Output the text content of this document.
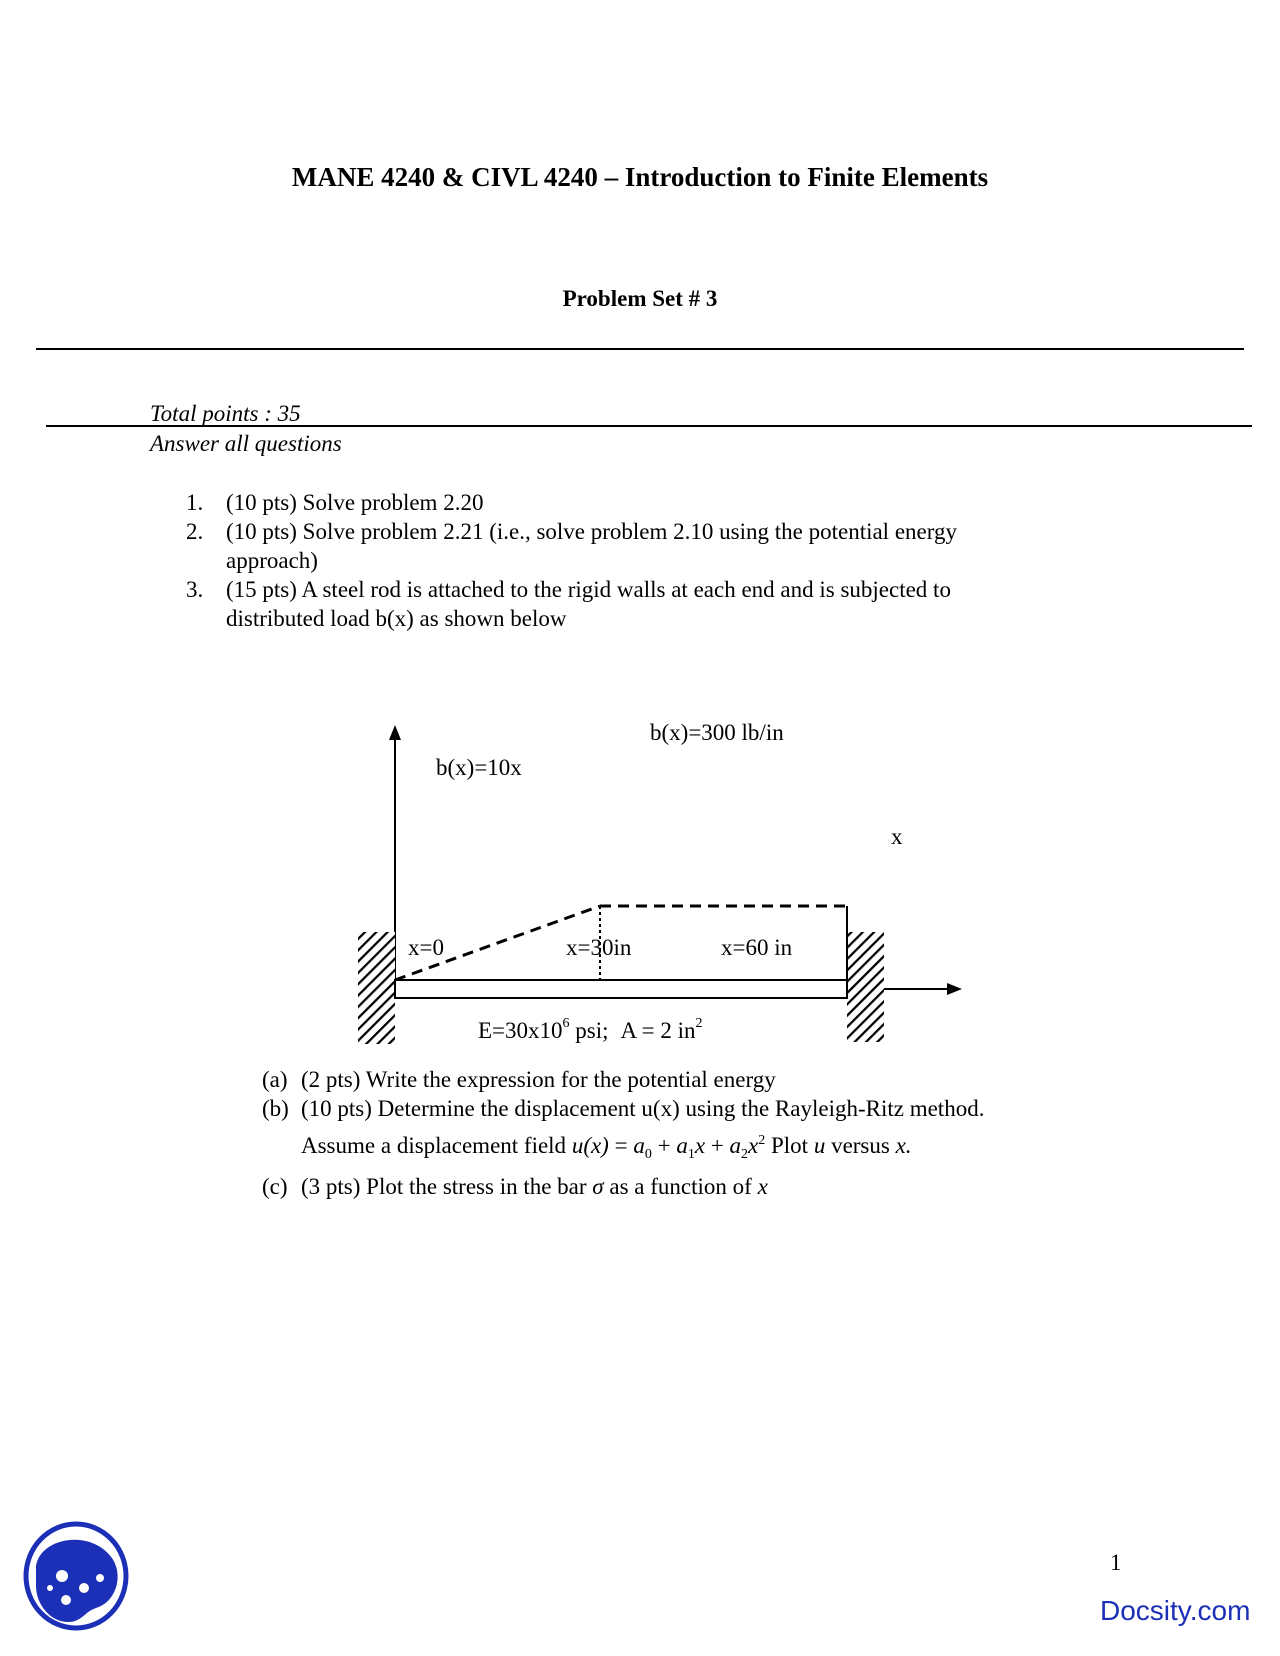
MANE 4240 & CIVL 4240 – Introduction to Finite Elements
Problem Set # 3
Total points : 35
Answer all questions
1. (10 pts) Solve problem 2.20
2. (10 pts) Solve problem 2.21 (i.e., solve problem 2.10 using the potential energy approach)
3. (15 pts) A steel rod is attached to the rigid walls at each end and is subjected to distributed load b(x) as shown below
b(x)=300 lb/in
b(x)=10x
x
x=0	x=30in	x=60 in
$E=30x10^6$ psi; A = 2 $in^2$
(a) (2 pts) Write the expression for the potential energy
(b) (10 pts) Determine the displacement u(x) using the Rayleigh-Ritz method.
Assume a displacement field $u(x) = a_0 + a_1x + a_2x^2$ Plot u versus x.
(c) (3 pts) Plot the stress in the bar σ as a function of x
1
Docsity.com
